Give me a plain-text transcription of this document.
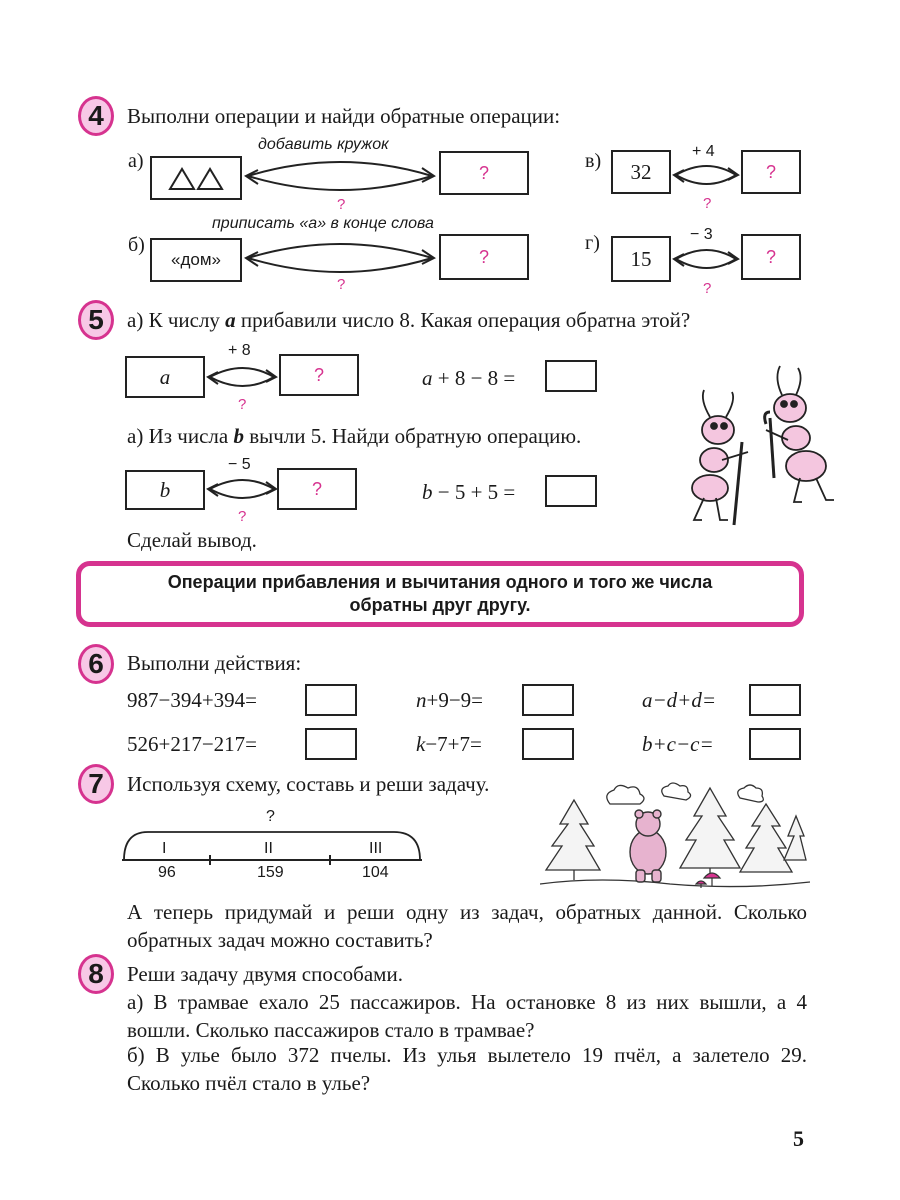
4 Выполни операции и найди обратные операции:
а)
добавить кружок
?
?
б)
«дом»
приписать «а» в конце слова
?
?
в)	32
+ 4
?
?
г)
15
− 3
?
?
5 а) К числу a прибавили число 8. Какая операция обратна этой?
a
+ 8
?
?
a + 8 − 8 =
а) Из числа b вычли 5. Найди обратную операцию.
b
− 5
?
?
b − 5 + 5 =
Сделай вывод.
Операции прибавления и вычитания одного и того же числа
обратны друг другу.
6 Выполни действия:
987−394+394=	n+9−9=	a−d+d=
526+217−217=	k−7+7=	b+c−c=
7 Используя схему, составь и реши задачу.
?
I	II	III
96	159	104
А теперь придумай и реши одну из задач, обратных данной. Сколько обратных задач можно составить?
8 Реши задачу двумя способами.
а) В трамвае ехало 25 пассажиров. На остановке 8 из них вышли, а 4 вошли. Сколько пассажиров стало в трамвае?
б) В улье было 372 пчелы. Из улья вылетело 19 пчёл, а залетело 29. Сколько пчёл стало в улье?
5
